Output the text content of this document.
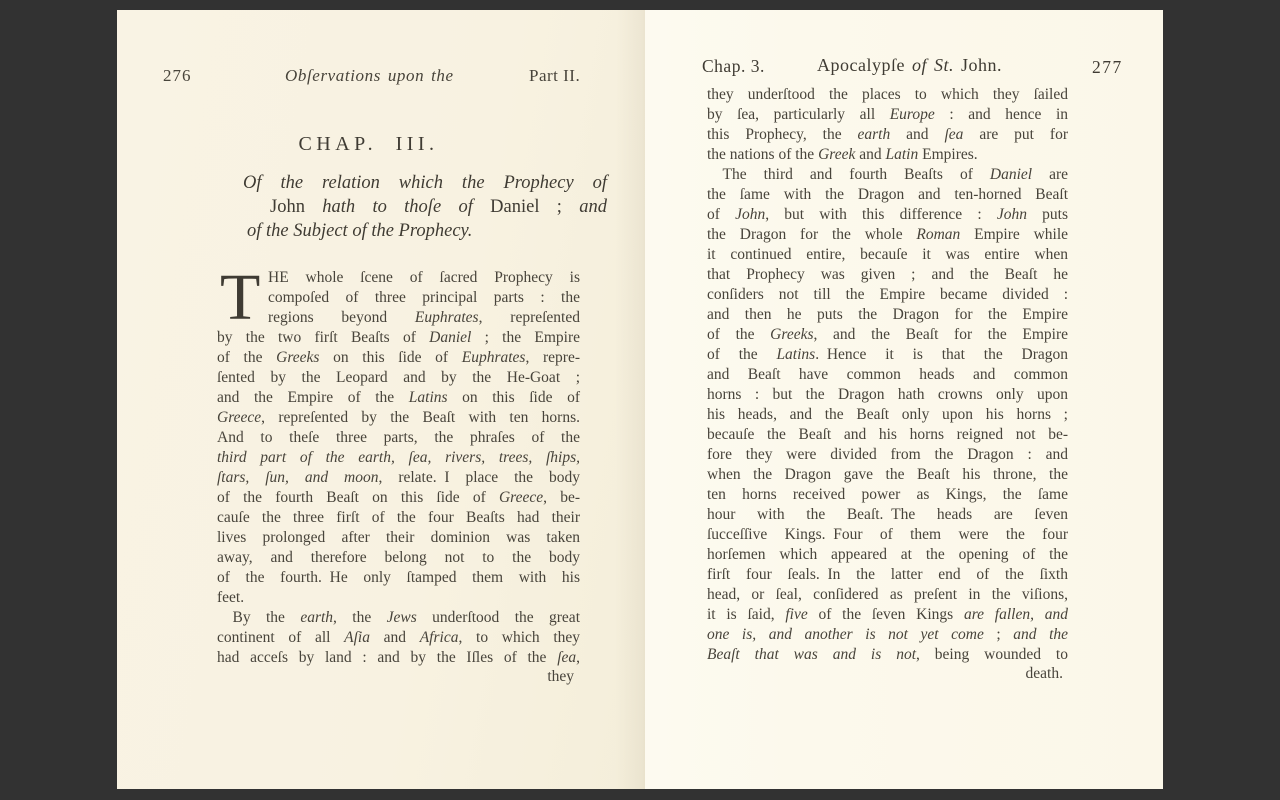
276	Obſervations upon the	Part II.
CHAP. III.
Of the relation which the Prophecy of
John hath to thoſe of Daniel ; and
of the Subject of the Prophecy.
T HE whole ſcene of ſacred Prophecy is
compoſed of three principal parts : the
regions beyond Euphrates, repreſented
by the two firſt Beaſts of Daniel ; the Empire
of the Greeks on this ſide of Euphrates, repre-
ſented by the Leopard and by the He-Goat ;
and the Empire of the Latins on this ſide of
Greece, repreſented by the Beaſt with ten horns.
And to theſe three parts, the phraſes of the
third part of the earth, ſea, rivers, trees, ſhips,
ſtars, ſun, and moon, relate. I place the body
of the fourth Beaſt on this ſide of Greece, be-
cauſe the three firſt of the four Beaſts had their
lives prolonged after their dominion was taken
away, and therefore belong not to the body
of the fourth. He only ſtamped them with his
feet.
 By the earth, the Jews underſtood the great
continent of all Aſia and Africa, to which they
had acceſs by land : and by the Iſles of the ſea,
they
Chap. 3.	Apocalypſe of St. John.	277
they underſtood the places to which they ſailed
by ſea, particularly all Europe : and hence in
this Prophecy, the earth and ſea are put for
the nations of the Greek and Latin Empires.
 The third and fourth Beaſts of Daniel are
the ſame with the Dragon and ten-horned Beaſt
of John, but with this difference : John puts
the Dragon for the whole Roman Empire while
it continued entire, becauſe it was entire when
that Prophecy was given ; and the Beaſt he
conſiders not till the Empire became divided :
and then he puts the Dragon for the Empire
of the Greeks, and the Beaſt for the Empire
of the Latins. Hence it is that the Dragon
and Beaſt have common heads and common
horns : but the Dragon hath crowns only upon
his heads, and the Beaſt only upon his horns ;
becauſe the Beaſt and his horns reigned not be-
fore they were divided from the Dragon : and
when the Dragon gave the Beaſt his throne, the
ten horns received power as Kings, the ſame
hour with the Beaſt. The heads are ſeven
ſucceſſive Kings. Four of them were the four
horſemen which appeared at the opening of the
firſt four ſeals. In the latter end of the ſixth
head, or ſeal, conſidered as preſent in the viſions,
it is ſaid, five of the ſeven Kings are fallen, and
one is, and another is not yet come ; and the
Beaſt that was and is not, being wounded to
death.
